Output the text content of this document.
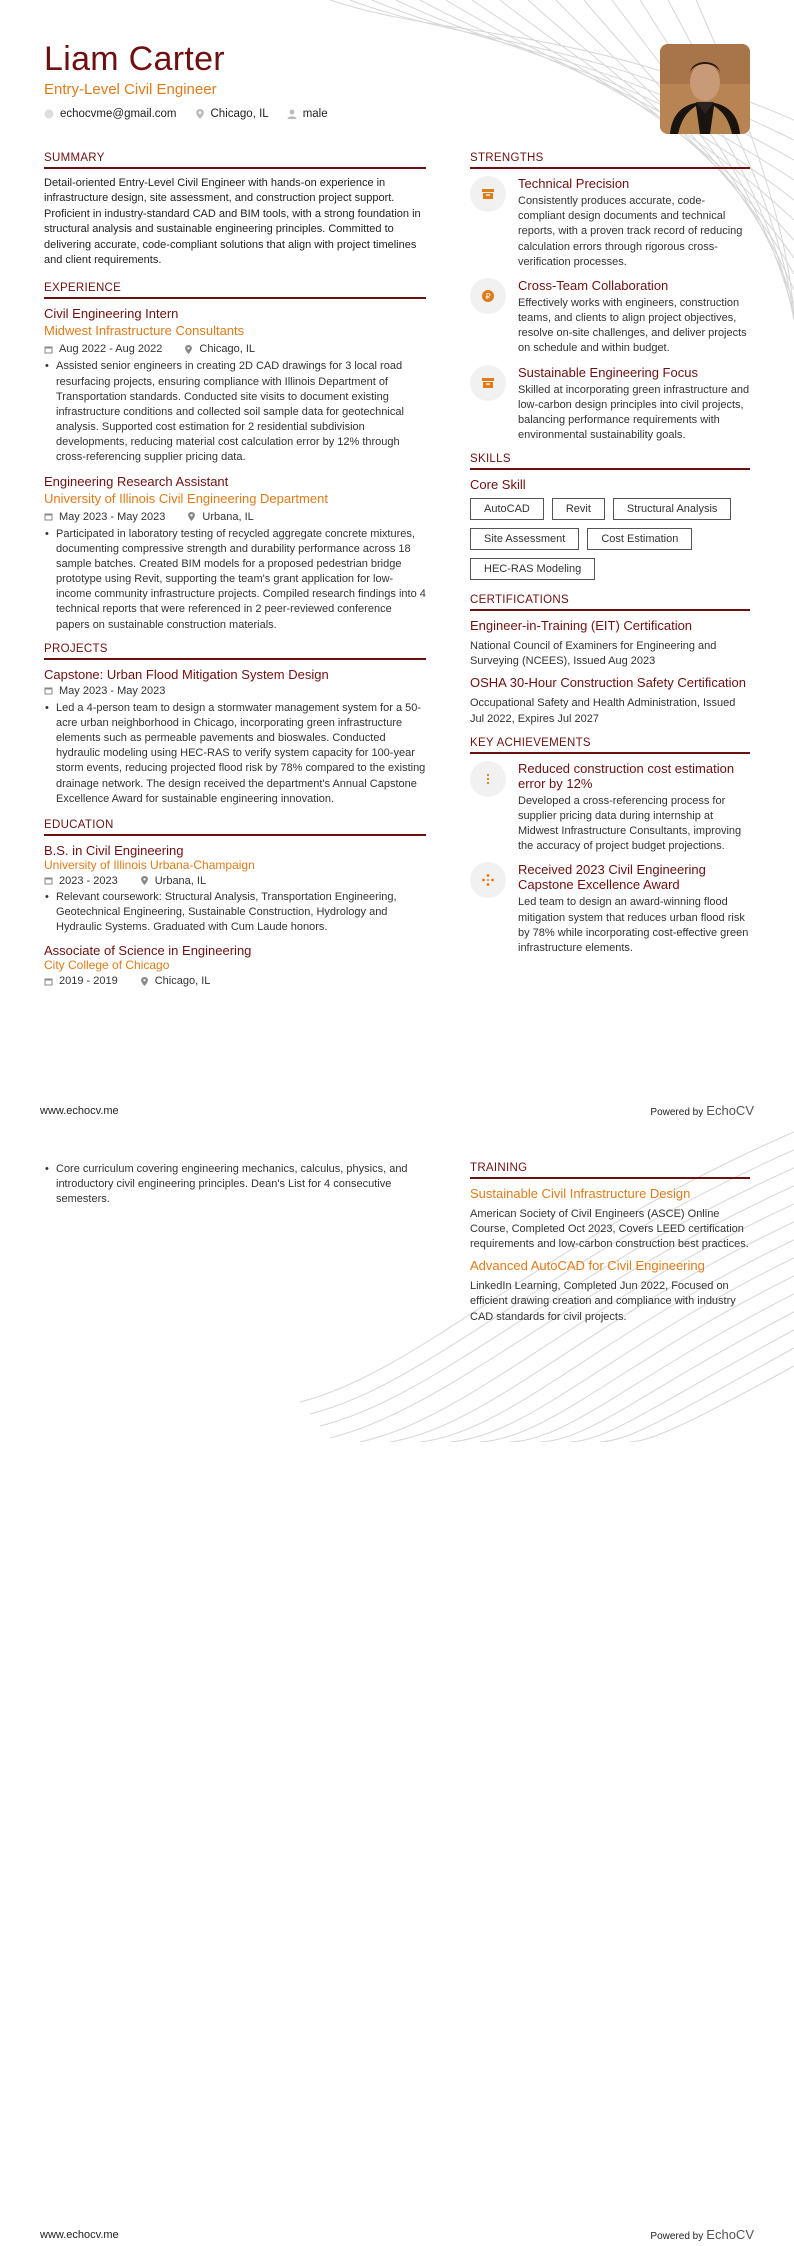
Liam Carter
Entry-Level Civil Engineer
echocvme@gmail.com	Chicago, IL	male
SUMMARY
Detail-oriented Entry-Level Civil Engineer with hands-on experience in infrastructure design, site assessment, and construction project support. Proficient in industry-standard CAD and BIM tools, with a strong foundation in structural analysis and sustainable engineering principles. Committed to delivering accurate, code-compliant solutions that align with project timelines and client requirements.
EXPERIENCE
Civil Engineering Intern
Midwest Infrastructure Consultants
Aug 2022 - Aug 2022	Chicago, IL
• Assisted senior engineers in creating 2D CAD drawings for 3 local road resurfacing projects, ensuring compliance with Illinois Department of Transportation standards. Conducted site visits to document existing infrastructure conditions and collected soil sample data for geotechnical analysis. Supported cost estimation for 2 residential subdivision developments, reducing material cost calculation error by 12% through cross-referencing supplier pricing data.
Engineering Research Assistant
University of Illinois Civil Engineering Department
May 2023 - May 2023	Urbana, IL
• Participated in laboratory testing of recycled aggregate concrete mixtures, documenting compressive strength and durability performance across 18 sample batches. Created BIM models for a proposed pedestrian bridge prototype using Revit, supporting the team's grant application for low-income community infrastructure projects. Compiled research findings into 4 technical reports that were referenced in 2 peer-reviewed conference papers on sustainable construction materials.
PROJECTS
Capstone: Urban Flood Mitigation System Design
May 2023 - May 2023
• Led a 4-person team to design a stormwater management system for a 50-acre urban neighborhood in Chicago, incorporating green infrastructure elements such as permeable pavements and bioswales. Conducted hydraulic modeling using HEC-RAS to verify system capacity for 100-year storm events, reducing projected flood risk by 78% compared to the existing drainage network. The design received the department's Annual Capstone Excellence Award for sustainable engineering innovation.
EDUCATION
B.S. in Civil Engineering
University of Illinois Urbana-Champaign
2023 - 2023	Urbana, IL
• Relevant coursework: Structural Analysis, Transportation Engineering, Geotechnical Engineering, Sustainable Construction, Hydrology and Hydraulic Systems. Graduated with Cum Laude honors.
Associate of Science in Engineering
City College of Chicago
2019 - 2019	Chicago, IL
STRENGTHS
Technical Precision
Consistently produces accurate, code-compliant design documents and technical reports, with a proven track record of reducing calculation errors through rigorous cross-verification processes.
₽
Cross-Team Collaboration
Effectively works with engineers, construction teams, and clients to align project objectives, resolve on-site challenges, and deliver projects on schedule and within budget.
Sustainable Engineering Focus
Skilled at incorporating green infrastructure and low-carbon design principles into civil projects, balancing performance requirements with environmental sustainability goals.
SKILLS
Core Skill
AutoCAD	Revit	Structural Analysis
Site Assessment	Cost Estimation
HEC-RAS Modeling
CERTIFICATIONS
Engineer-in-Training (EIT) Certification
National Council of Examiners for Engineering and Surveying (NCEES), Issued Aug 2023
OSHA 30-Hour Construction Safety Certification
Occupational Safety and Health Administration, Issued Jul 2022, Expires Jul 2027
KEY ACHIEVEMENTS
Reduced construction cost estimation error by 12%
Developed a cross-referencing process for supplier pricing data during internship at Midwest Infrastructure Consultants, improving the accuracy of project budget projections.
Received 2023 Civil Engineering Capstone Excellence Award
Led team to design an award-winning flood mitigation system that reduces urban flood risk by 78% while incorporating cost-effective green infrastructure elements.
www.echocv.me	Powered by EchoCV
• Core curriculum covering engineering mechanics, calculus, physics, and introductory civil engineering principles. Dean's List for 4 consecutive semesters.
TRAINING
Sustainable Civil Infrastructure Design
American Society of Civil Engineers (ASCE) Online Course, Completed Oct 2023, Covers LEED certification requirements and low-carbon construction best practices.
Advanced AutoCAD for Civil Engineering
LinkedIn Learning, Completed Jun 2022, Focused on efficient drawing creation and compliance with industry CAD standards for civil projects.
www.echocv.me	Powered by EchoCV
